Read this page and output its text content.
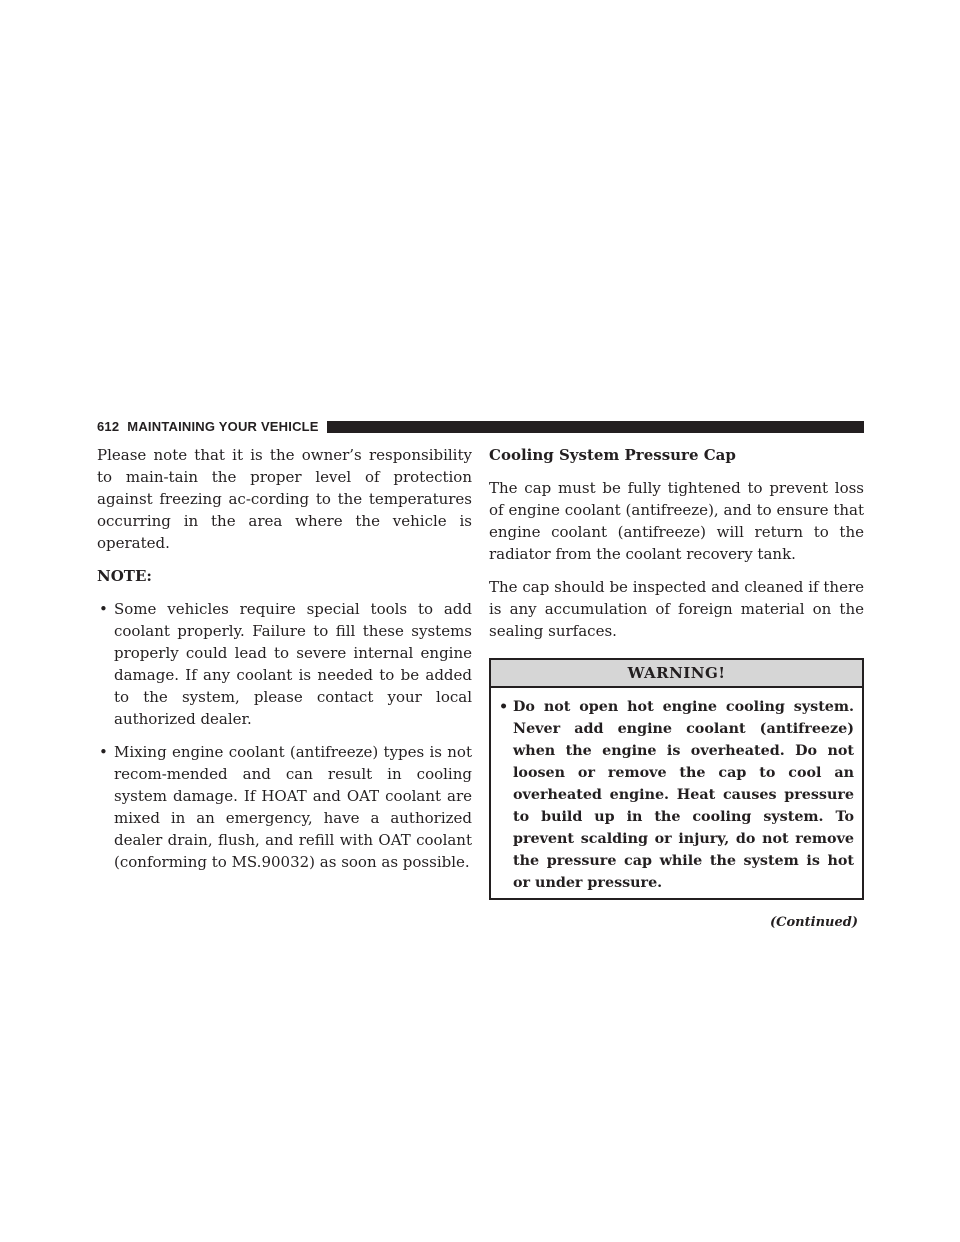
612 MAINTAINING YOUR VEHICLE

Please note that it is the owner’s responsibility to main-tain the proper level of protection against freezing ac-cording to the temperatures occurring in the area where the vehicle is operated.

NOTE:
• Some vehicles require special tools to add coolant properly. Failure to fill these systems properly could lead to severe internal engine damage. If any coolant is needed to be added to the system, please contact your local authorized dealer.
• Mixing engine coolant (antifreeze) types is not recom-mended and can result in cooling system damage. If HOAT and OAT coolant are mixed in an emergency, have a authorized dealer drain, flush, and refill with OAT coolant (conforming to MS.90032) as soon as possible.
Cooling System Pressure Cap

The cap must be fully tightened to prevent loss of engine coolant (antifreeze), and to ensure that engine coolant (antifreeze) will return to the radiator from the coolant recovery tank.

The cap should be inspected and cleaned if there is any accumulation of foreign material on the sealing surfaces.

WARNING!
• Do not open hot engine cooling system. Never add engine coolant (antifreeze) when the engine is overheated. Do not loosen or remove the cap to cool an overheated engine. Heat causes pressure to build up in the cooling system. To prevent scalding or injury, do not remove the pressure cap while the system is hot or under pressure.
(Continued)
